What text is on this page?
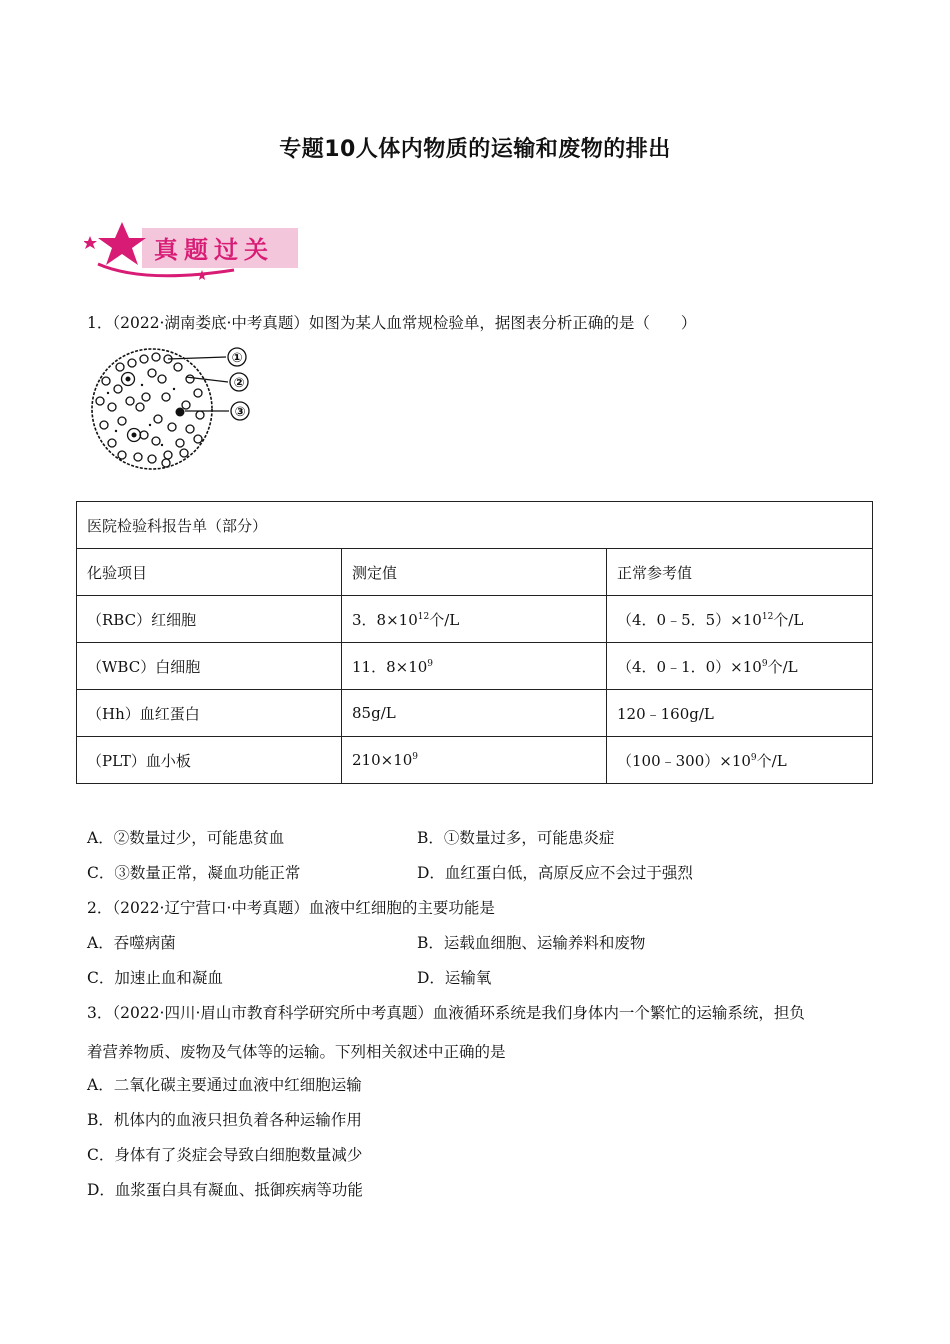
专题10人体内物质的运输和废物的排出
真题过关
1．（2022·湖南娄底·中考真题）如图为某人血常规检验单，据图表分析正确的是（　　）
①
②
③
医院检验科报告单（部分）		
化验项目	测定值	正常参考值
（RBC）红细胞	3．$8\times 10^{12}$个/L	（4．0﹣5．$5)\times 10^{12}$个/L
（WBC）白细胞	11．$8\times 10^9$	（4．0﹣1．$0)\times 10^9$个/L
（Hh）血红蛋白	85g/L	120﹣160g/L
（PLT）血小板	$210\times 10^9$	$(100﹣300)\times 10^9$个/L
A．②数量过少，可能患贫血	B．①数量过多，可能患炎症
C．③数量正常，凝血功能正常	D．血红蛋白低，高原反应不会过于强烈
2．（2022·辽宁营口·中考真题）血液中红细胞的主要功能是
A．吞噬病菌	B．运载血细胞、运输养料和废物
C．加速止血和凝血	D．运输氧
3．（2022·四川·眉山市教育科学研究所中考真题）血液循环系统是我们身体内一个繁忙的运输系统，担负
着营养物质、废物及气体等的运输。下列相关叙述中正确的是
A．二氧化碳主要通过血液中红细胞运输
B．机体内的血液只担负着各种运输作用
C．身体有了炎症会导致白细胞数量减少
D．血浆蛋白具有凝血、抵御疾病等功能
